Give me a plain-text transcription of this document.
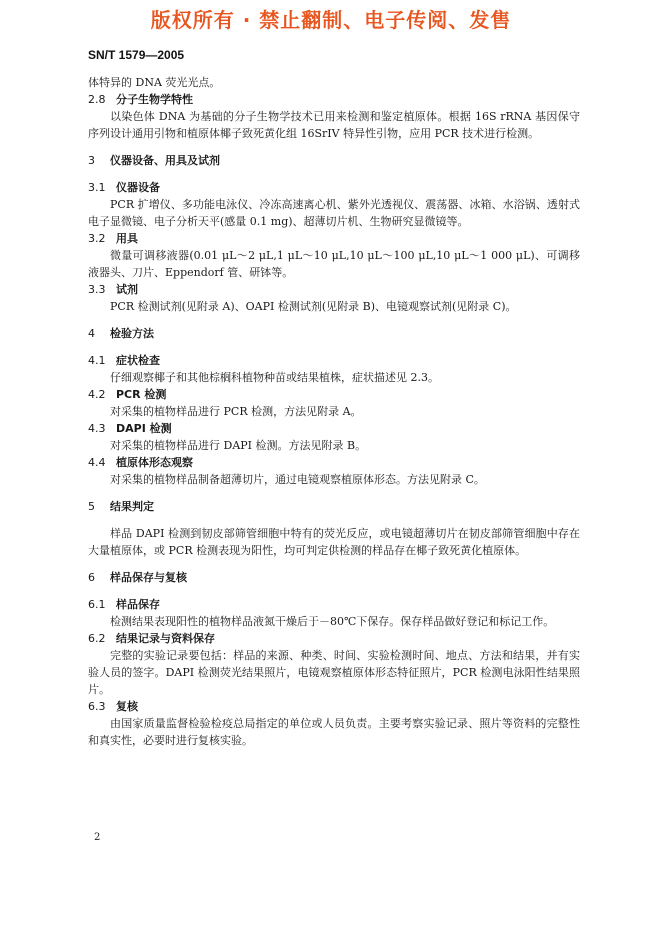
版权所有 · 禁止翻制、电子传阅、发售
SN/T 1579—2005

体特异的 DNA 荧光光点。

2.8 分子生物学特性

以染色体 DNA 为基础的分子生物学技术已用来检测和鉴定植原体。根据 16S rRNA 基因保守序列设计通用引物和植原体椰子致死黄化组 16SrIV 特异性引物，应用 PCR 技术进行检测。

3	仪器设备、用具及试剂
3.1 仪器设备

PCR 扩增仪、多功能电泳仪、冷冻高速离心机、紫外光透视仪、震荡器、冰箱、水浴锅、透射式电子显微镜、电子分析天平(感量 0.1 mg)、超薄切片机、生物研究显微镜等。

3.2 用具

微量可调移液器(0.01 μL～2 μL,1 μL～10 μL,10 μL～100 μL,10 μL～1 000 μL)、可调移液器头、刀片、Eppendorf 管、研钵等。

3.3 试剂

PCR 检测试剂(见附录 A)、OAPI 检测试剂(见附录 B)、电镜观察试剂(见附录 C)。

4	检验方法
4.1 症状检查

仔细观察椰子和其他棕榈科植物种苗或结果植株，症状描述见 2.3。

4.2 PCR 检测

对采集的植物样品进行 PCR 检测，方法见附录 A。

4.3 DAPI 检测

对采集的植物样品进行 DAPI 检测。方法见附录 B。

4.4 植原体形态观察

对采集的植物样品制备超薄切片，通过电镜观察植原体形态。方法见附录 C。

5	结果判定

样品 DAPI 检测到韧皮部筛管细胞中特有的荧光反应，或电镜超薄切片在韧皮部筛管细胞中存在大量植原体，或 PCR 检测表现为阳性，均可判定供检测的样品存在椰子致死黄化植原体。

6	样品保存与复核
6.1 样品保存

检测结果表现阳性的植物样品液氮干燥后于－80℃下保存。保存样品做好登记和标记工作。

6.2 结果记录与资料保存

完整的实验记录要包括：样品的来源、种类、时间、实验检测时间、地点、方法和结果，并有实验人员的签字。DAPI 检测荧光结果照片，电镜观察植原体形态特征照片，PCR 检测电泳阳性结果照片。

6.3 复核

由国家质量监督检验检疫总局指定的单位或人员负责。主要考察实验记录、照片等资料的完整性和真实性，必要时进行复核实验。

2
